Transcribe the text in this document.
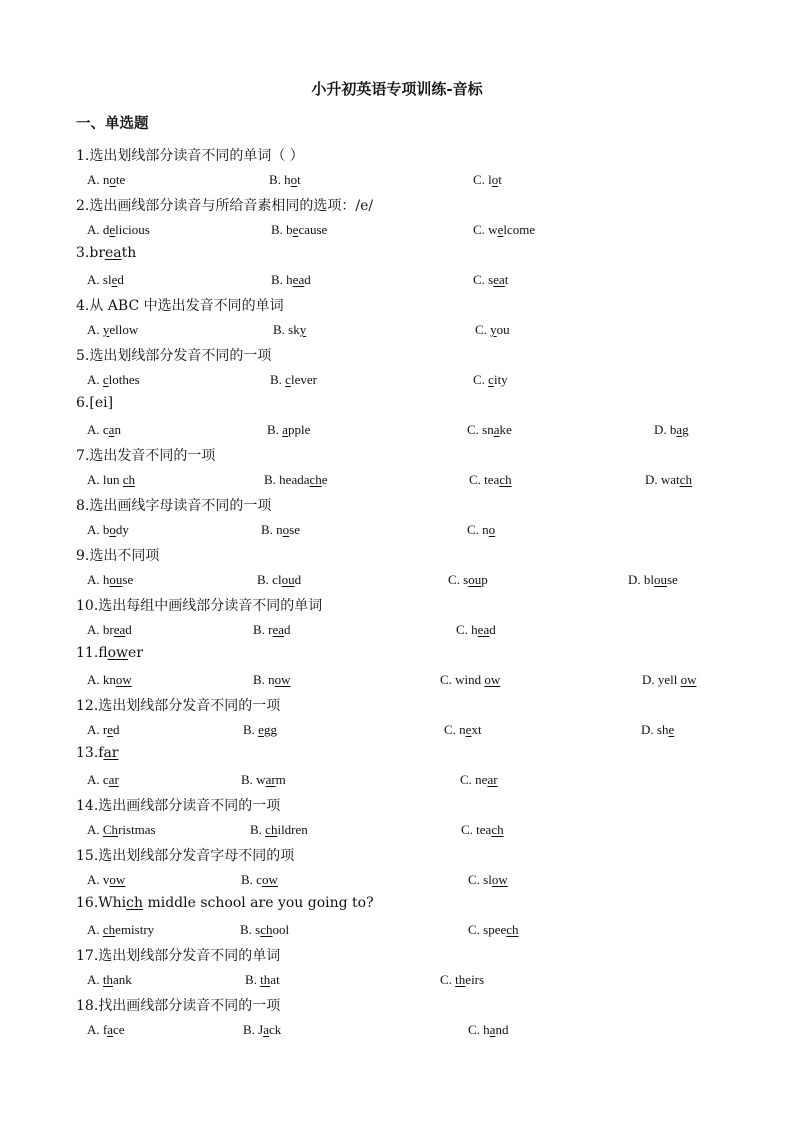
小升初英语专项训练-音标
一、单选题
1.选出划线部分读音不同的单词（ ）
A. note	B. hot	C. lot
2.选出画线部分读音与所给音素相同的选项：/e/
A. delicious	B. because	C. welcome
3.breath
A. sled	B. head	C. seat
4.从 ABC 中选出发音不同的单词
A. yellow	B. sky	C. you
5.选出划线部分发音不同的一项
A. clothes	B. clever	C. city
6.[ei]
A. can	B. apple	C. snake	D. bag
7.选出发音不同的一项
A. lun ch	B. headache	C. teach	D. watch
8.选出画线字母读音不同的一项
A. body	B. nose	C. no
9.选出不同项
A. house	B. cloud	C. soup	D. blouse
10.选出每组中画线部分读音不同的单词
A. bread	B. read	C. head
11.flower
A. know	B. now	C. wind ow	D. yell ow
12.选出划线部分发音不同的一项
A. red	B. egg	C. next	D. she
13.far
A. car	B. warm	C. near
14.选出画线部分读音不同的一项
A. Christmas	B. children	C. teach
15.选出划线部分发音字母不同的项
A. vow	B. cow	C. slow
16.Which middle school are you going to?
A. chemistry	B. school	C. speech
17.选出划线部分发音不同的单词
A. thank	B. that	C. theirs
18.找出画线部分读音不同的一项
A. face	B. Jack	C. hand
